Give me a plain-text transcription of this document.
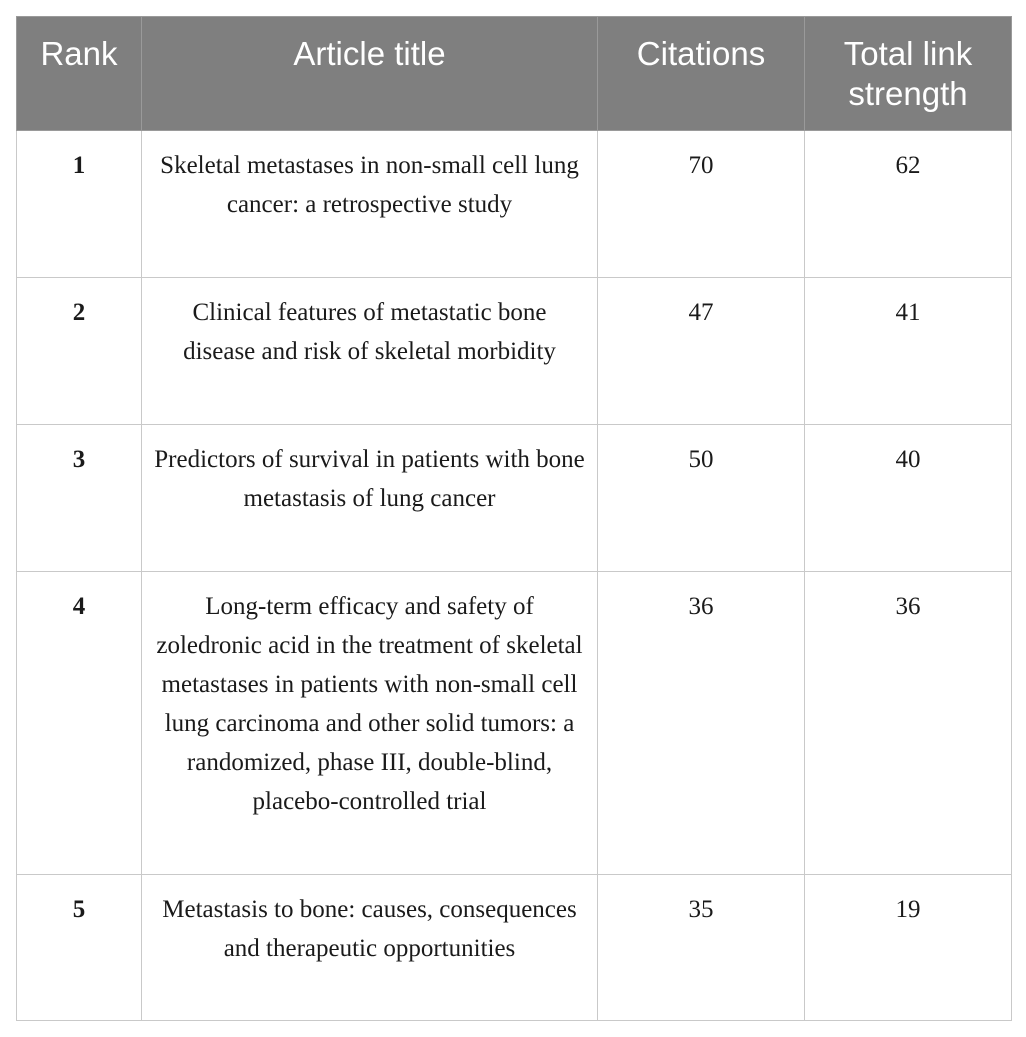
Rank	Article title	Citations	Total link strength
1	Skeletal metastases in non-small cell lung cancer: a retrospective study	70	62
2	Clinical features of metastatic bone disease and risk of skeletal morbidity	47	41
3	Predictors of survival in patients with bone metastasis of lung cancer	50	40
4	Long-term efficacy and safety of zoledronic acid in the treatment of skeletal metastases in patients with non-small cell lung carcinoma and other solid tumors: a randomized, phase III, double-blind, placebo-controlled trial	36	36
5	Metastasis to bone: causes, consequences and therapeutic opportunities	35	19
